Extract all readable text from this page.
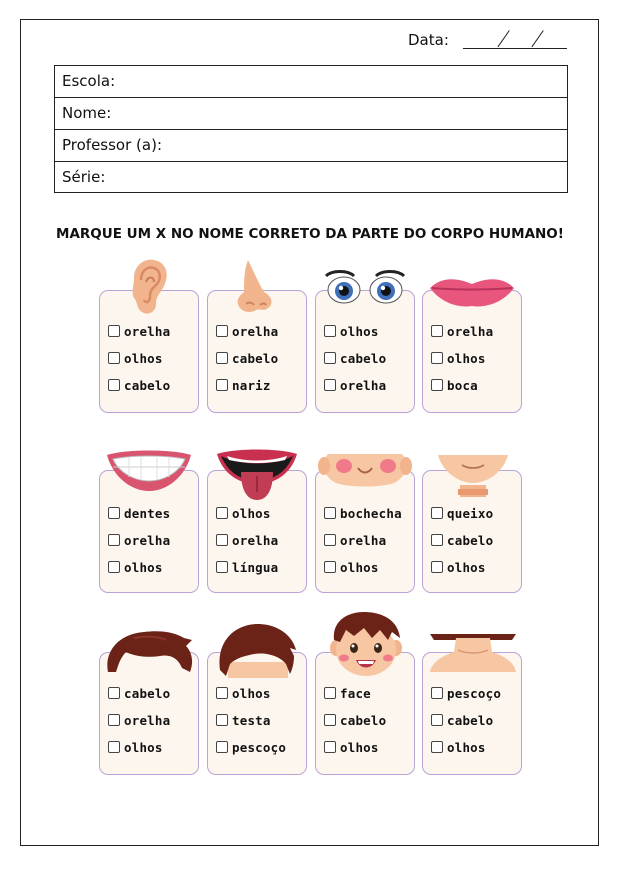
Data:
Escola:
Nome:
Professor (a):
Série:
MARQUE UM X NO NOME CORRETO DA PARTE DO CORPO HUMANO!
orelha
olhos
cabelo
orelha
cabelo
nariz
olhos
cabelo
orelha
orelha
olhos
boca
dentes
orelha
olhos
olhos
orelha
língua
bochecha
orelha
olhos
queixo
cabelo
olhos
cabelo
orelha
olhos
olhos
testa
pescoço
face
cabelo
olhos
pescoço
cabelo
olhos
